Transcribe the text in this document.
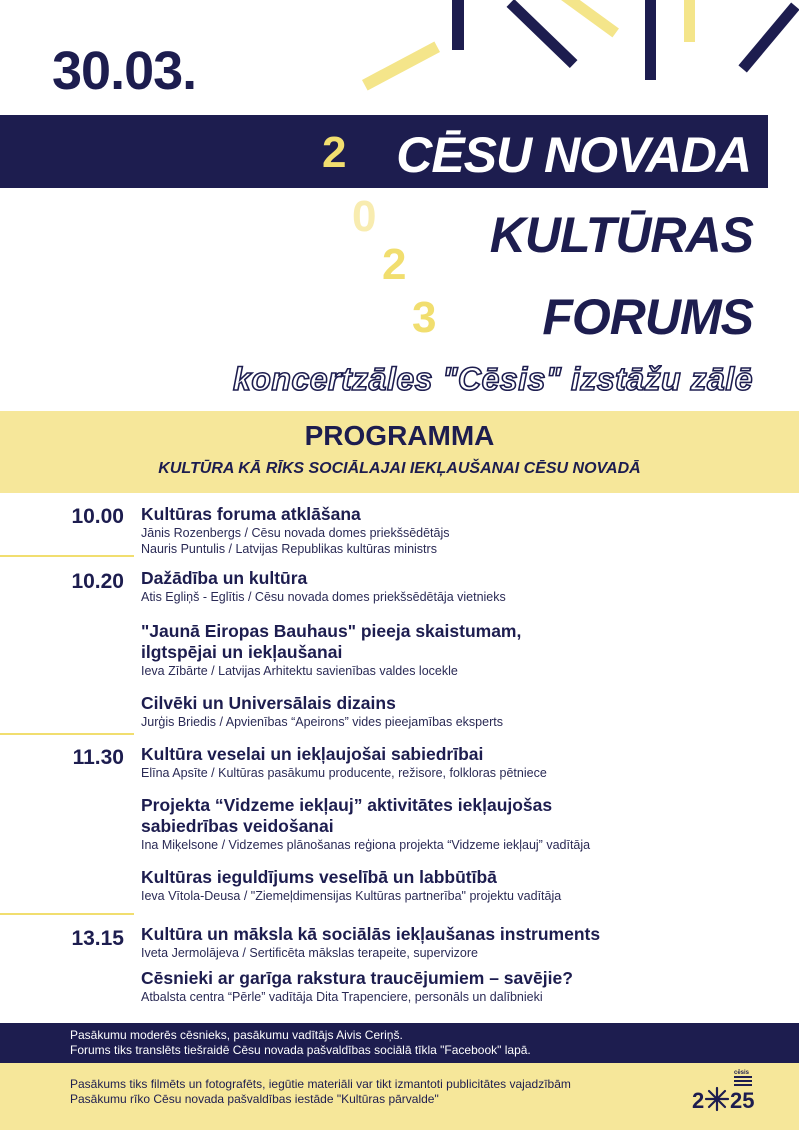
30.03.
CĒSU NOVADA
KULTŪRAS
FORUMS
2
0
2
3
koncertzāles "Cēsis" izstāžu zālē
PROGRAMMA
KULTŪRA KĀ RĪKS SOCIĀLAJAI IEKĻAUŠANAI CĒSU NOVADĀ
10.00
10.20
11.30
13.15
Kultūras foruma atklāšana
Jānis Rozenbergs / Cēsu novada domes priekšsēdētājs
Nauris Puntulis / Latvijas Republikas kultūras ministrs
Dažādība un kultūra
Atis Egliņš - Eglītis / Cēsu novada domes priekšsēdētāja vietnieks
"Jaunā Eiropas Bauhaus" pieeja skaistumam,
ilgtspējai un iekļaušanai
Ieva Zībārte / Latvijas Arhitektu savienības valdes locekle
Cilvēki un Universālais dizains
Jurģis Briedis / Apvienības “Apeirons” vides pieejamības eksperts
Kultūra veselai un iekļaujošai sabiedrībai
Elīna Apsīte / Kultūras pasākumu producente, režisore, folkloras pētniece
Projekta “Vidzeme iekļauj” aktivitātes iekļaujošas
sabiedrības veidošanai
Ina Miķelsone / Vidzemes plānošanas reģiona projekta “Vidzeme iekļauj” vadītāja
Kultūras ieguldījums veselībā un labbūtībā
Ieva Vītola-Deusa / "Ziemeļdimensijas Kultūras partnerība" projektu vadītāja
Kultūra un māksla kā sociālās iekļaušanas instruments
Iveta Jermolājeva / Sertificēta mākslas terapeite, supervizore
Cēsnieki ar garīga rakstura traucējumiem – savējie?
Atbalsta centra “Pērle” vadītāja Dita Trapenciere, personāls un dalībnieki
Pasākumu moderēs cēsnieks, pasākumu vadītājs Aivis Ceriņš.
Forums tiks translēts tiešraidē Cēsu novada pašvaldības sociālā tīkla "Facebook" lapā.
Pasākums tiks filmēts un fotografēts, iegūtie materiāli var tikt izmantoti publicitātes vajadzībām
Pasākumu rīko Cēsu novada pašvaldības iestāde "Kultūras pārvalde"	2 25
cēsis
